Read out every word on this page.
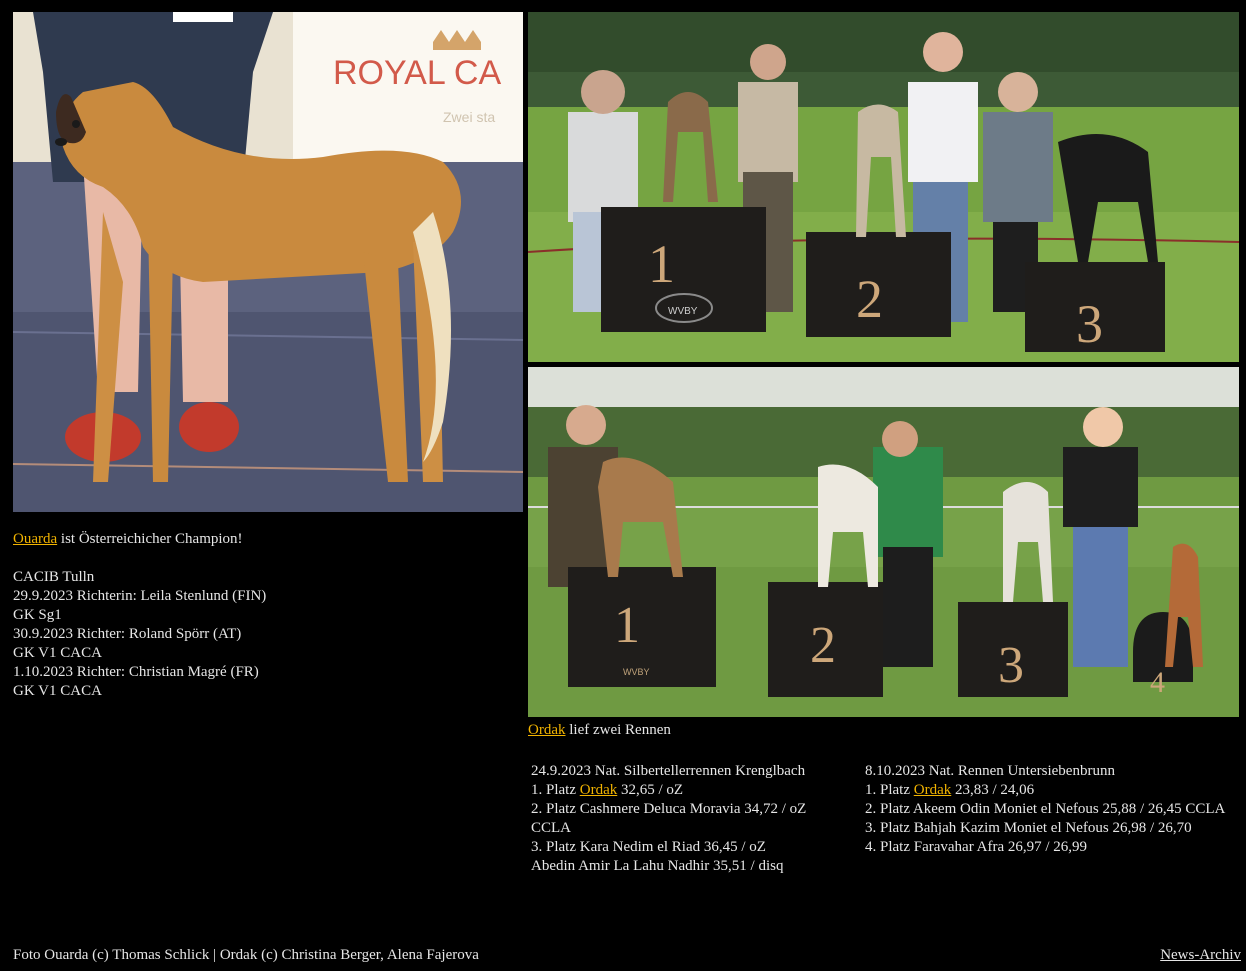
ROYAL CA
Zwei sta
1
2	3
WVBY
1	2	3
WVBY	4

Ouarda ist Österreichicher Champion!

CACIB Tulln

29.9.2023 Richterin: Leila Stenlund (FIN)

GK Sg1

30.9.2023 Richter: Roland Spörr (AT)

GK V1 CACA

1.10.2023 Richter: Christian Magré (FR)

GK V1 CACA

Ordak lief zwei Rennen
24.9.2023 Nat. Silbertellerrennen Krenglbach
1. Platz Ordak 32,65 / oZ
2. Platz Cashmere Deluca Moravia 34,72 / oZ CCLA
3. Platz Kara Nedim el Riad 36,45 / oZ
Abedin Amir La Lahu Nadhir 35,51 / disq
8.10.2023 Nat. Rennen Untersiebenbrunn
1. Platz Ordak 23,83 / 24,06
2. Platz Akeem Odin Moniet el Nefous 25,88 / 26,45 CCLA
3. Platz Bahjah Kazim Moniet el Nefous 26,98 / 26,70
4. Platz Faravahar Afra 26,97 / 26,99
Foto Ouarda (c) Thomas Schlick | Ordak (c) Christina Berger, Alena Fajerova	News-Archiv
